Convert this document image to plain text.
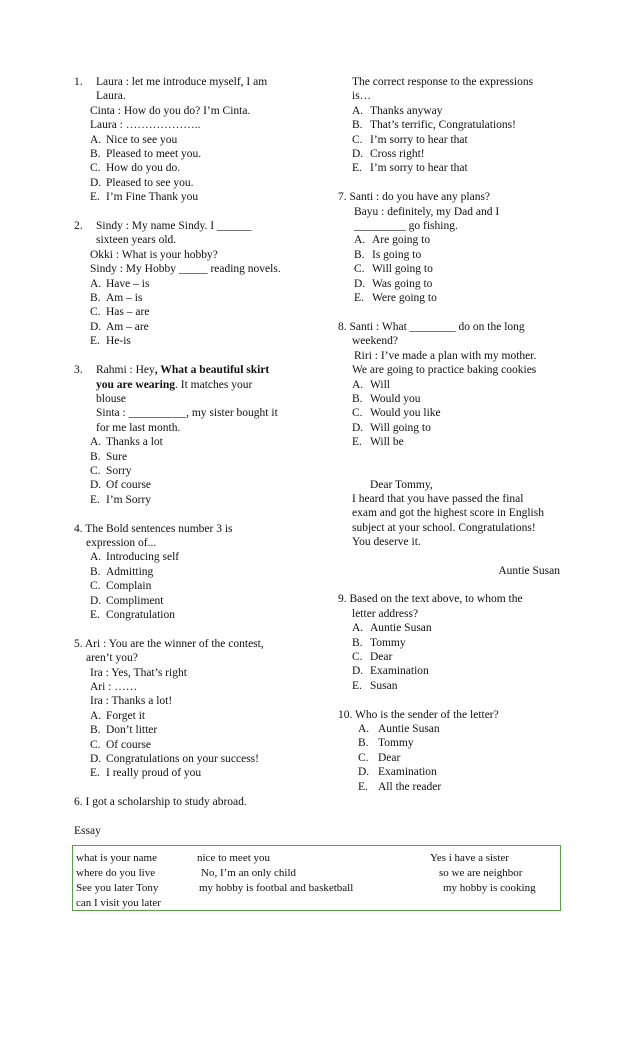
1. Laura : let me introduce myself, I am
Laura.
Cinta : How do you do? I’m Cinta.
Laura : ………………..
A. Nice to see you
B. Pleased to meet you.
C. How do you do.
D. Pleased to see you.
E. I’m Fine Thank you
2. Sindy : My name Sindy. I ______
sixteen years old.
Okki : What is your hobby?
Sindy : My Hobby _____ reading novels.
A. Have – is
B. Am – is
C. Has – are
D. Am – are
E. He-is
3. Rahmi : Hey, What a beautiful skirt
you are wearing. It matches your
blouse
Sinta : __________, my sister bought it
for me last month.
A. Thanks a lot
B. Sure
C. Sorry
D. Of course
E. I’m Sorry
4. The Bold sentences number 3 is
expression of...
A. Introducing self
B. Admitting
C. Complain
D. Compliment
E. Congratulation
5. Ari : You are the winner of the contest,
aren’t you?
Ira : Yes, That’s right
Ari : ……
Ira : Thanks a lot!
A. Forget it
B. Don’t litter
C. Of course
D. Congratulations on your success!
E. I really proud of you
6. I got a scholarship to study abroad.
The correct response to the expressions
is…
A. Thanks anyway
B. That’s terrific, Congratulations!
C. I’m sorry to hear that
D. Cross right!
E. I’m sorry to hear that
7. Santi : do you have any plans?
Bayu : definitely, my Dad and I
_________ go fishing.
A. Are going to
B. Is going to
C. Will going to
D. Was going to
E. Were going to
8. Santi : What ________ do on the long
weekend?
Riri : I’ve made a plan with my mother.
We are going to practice baking cookies
A. Will
B. Would you
C. Would you like
D. Will going to
E. Will be
Dear Tommy,
I heard that you have passed the final
exam and got the highest score in English
subject at your school. Congratulations!
You deserve it.
Auntie Susan
9. Based on the text above, to whom the
letter address?
A. Auntie Susan
B. Tommy
C. Dear
D. Examination
E. Susan
10. Who is the sender of the letter?
A. Auntie Susan
B. Tommy
C. Dear
D. Examination
E. All the reader
Essay
what is your name	nice to meet you	Yes i have a sister
where do you live	No, I’m an only child	so we are neighbor
See you later Tony	my hobby is footbal and basketball	my hobby is cooking
can I visit you later
